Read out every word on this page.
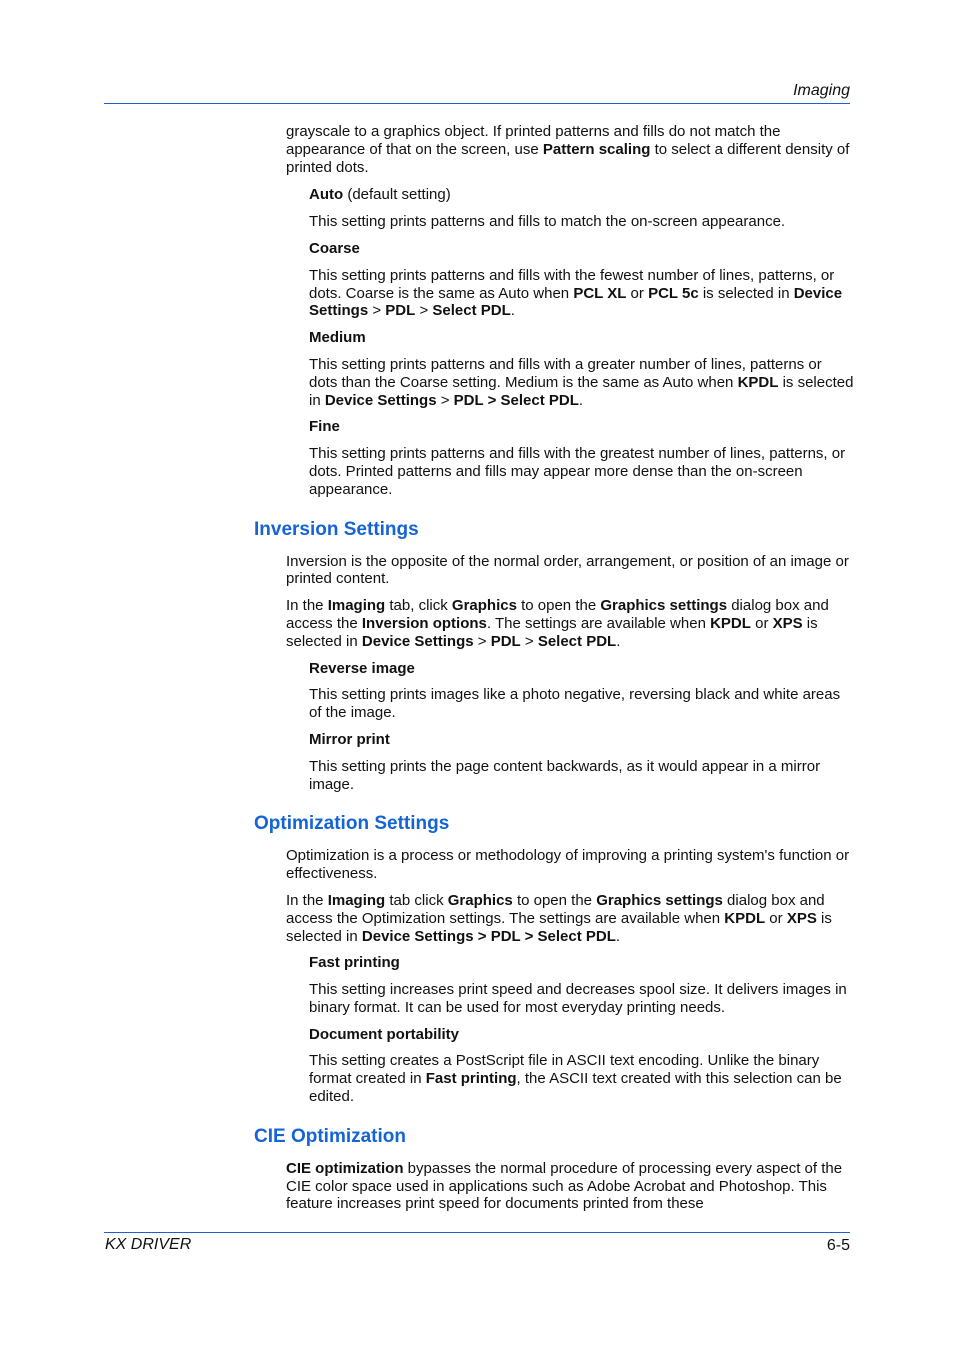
Imaging

grayscale to a graphics object. If printed patterns and fills do not match the appearance of that on the screen, use Pattern scaling to select a different density of printed dots.

Auto (default setting)

This setting prints patterns and fills to match the on-screen appearance.

Coarse

This setting prints patterns and fills with the fewest number of lines, patterns, or dots. Coarse is the same as Auto when PCL XL or PCL 5c is selected in Device Settings > PDL > Select PDL.

Medium

This setting prints patterns and fills with a greater number of lines, patterns or dots than the Coarse setting. Medium is the same as Auto when KPDL is selected in Device Settings > PDL > Select PDL.

Fine

This setting prints patterns and fills with the greatest number of lines, patterns, or dots. Printed patterns and fills may appear more dense than the on-screen appearance.

Inversion Settings

Inversion is the opposite of the normal order, arrangement, or position of an image or printed content.

In the Imaging tab, click Graphics to open the Graphics settings dialog box and access the Inversion options. The settings are available when KPDL or XPS is selected in Device Settings > PDL > Select PDL.

Reverse image

This setting prints images like a photo negative, reversing black and white areas of the image.

Mirror print

This setting prints the page content backwards, as it would appear in a mirror image.

Optimization Settings

Optimization is a process or methodology of improving a printing system's function or effectiveness.

In the Imaging tab click Graphics to open the Graphics settings dialog box and access the Optimization settings. The settings are available when KPDL or XPS is selected in Device Settings > PDL > Select PDL.

Fast printing

This setting increases print speed and decreases spool size. It delivers images in binary format. It can be used for most everyday printing needs.

Document portability

This setting creates a PostScript file in ASCII text encoding. Unlike the binary format created in Fast printing, the ASCII text created with this selection can be edited.

CIE Optimization

CIE optimization bypasses the normal procedure of processing every aspect of the CIE color space used in applications such as Adobe Acrobat and Photoshop. This feature increases print speed for documents printed from these

KX DRIVER	6-5
